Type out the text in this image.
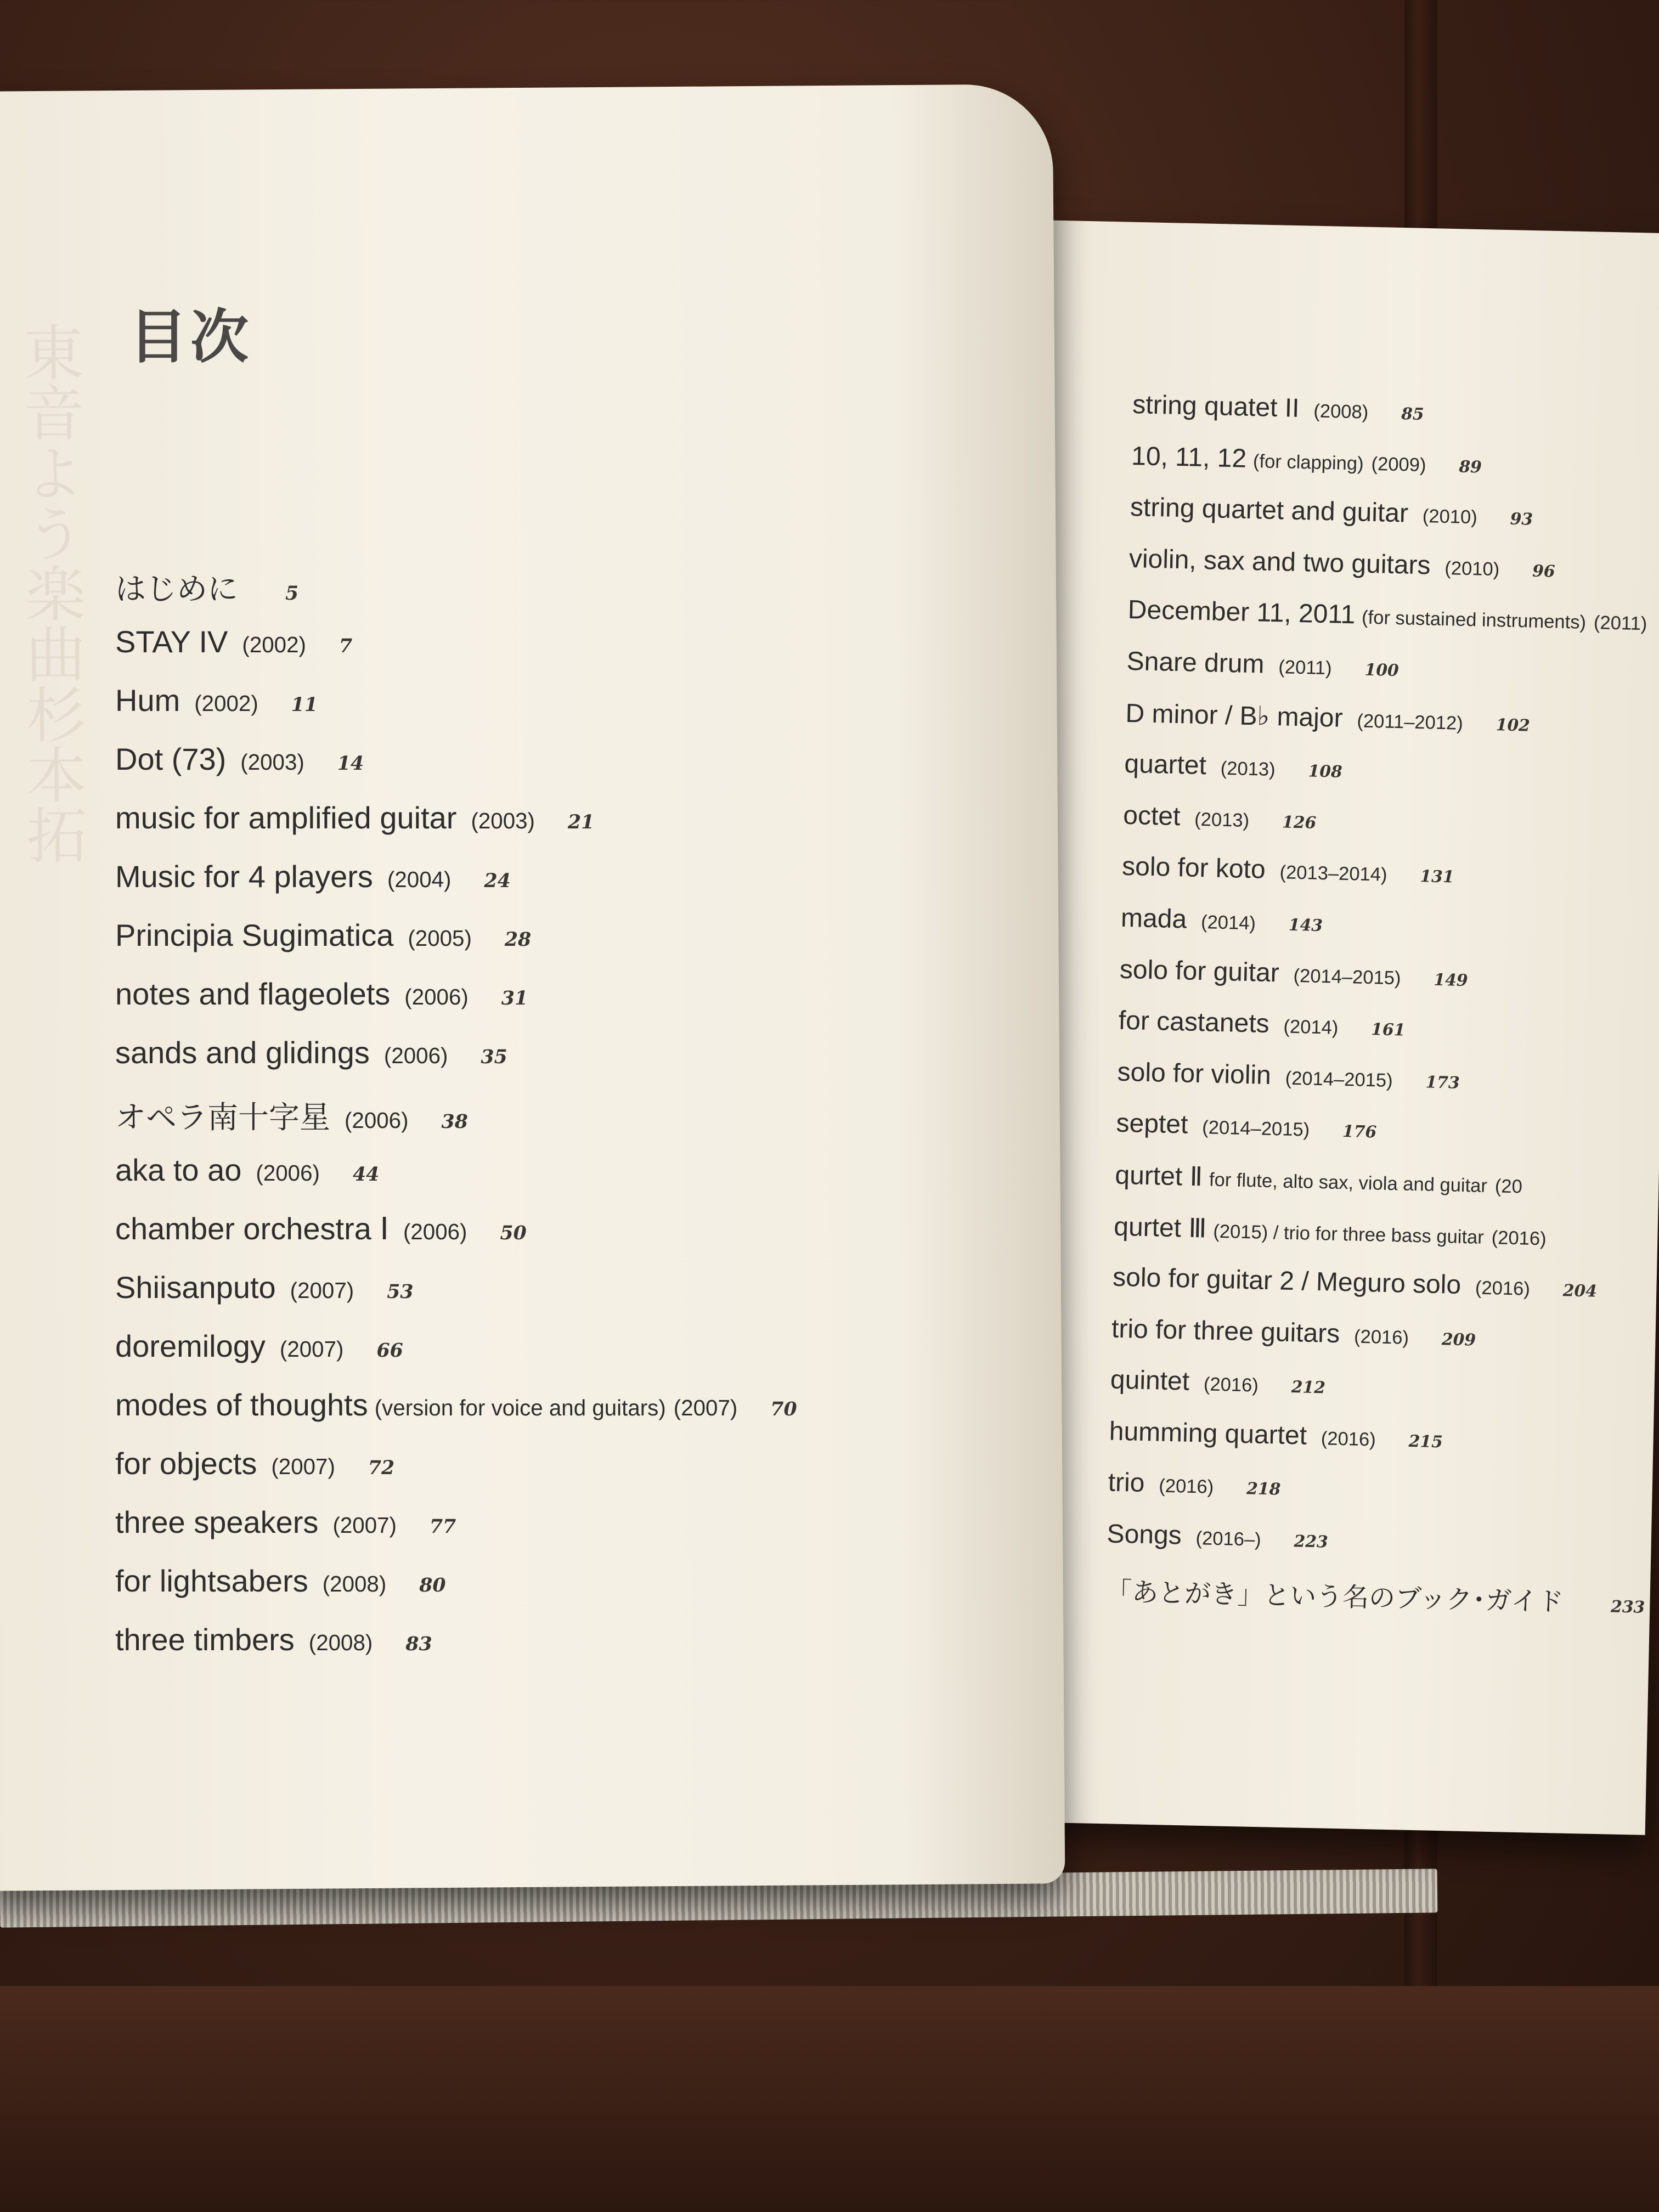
東音よう楽曲杉本拓 目次
はじめに 5
STAY IV (2002) 7
Hum (2002) 11
Dot (73) (2003) 14
music for amplified guitar (2003) 21
Music for 4 players (2004) 24
Principia Sugimatica (2005) 28
notes and flageolets (2006) 31
sands and glidings (2006) 35
オペラ南十字星 (2006) 38
aka to ao (2006) 44
chamber orchestra Ⅰ (2006) 50
Shiisanputo (2007) 53
doremilogy (2007) 66
modes of thoughts (version for voice and guitars) (2007) 70
for objects (2007) 72
three speakers (2007) 77
for lightsabers (2008) 80
three timbers (2008) 83
string quatet II (2008) 85
10, 11, 12 (for clapping) (2009) 89
string quartet and guitar (2010) 93
violin, sax and two guitars (2010) 96
December 11, 2011 (for sustained instruments) (2011)
Snare drum (2011) 100
D minor / B♭ major (2011–2012) 102
quartet (2013) 108
octet (2013) 126
solo for koto (2013–2014) 131
mada (2014) 143
solo for guitar (2014–2015) 149
for castanets (2014) 161
solo for violin (2014–2015) 173
septet (2014–2015) 176
qurtet Ⅱ for flute, alto sax, viola and guitar (20
qurtet Ⅲ (2015) / trio for three bass guitar (2016)
solo for guitar 2 / Meguro solo (2016) 204
trio for three guitars (2016) 209
quintet (2016) 212
humming quartet (2016) 215
trio (2016) 218
Songs (2016–) 223
「あとがき」という名のブック･ガイド	233
